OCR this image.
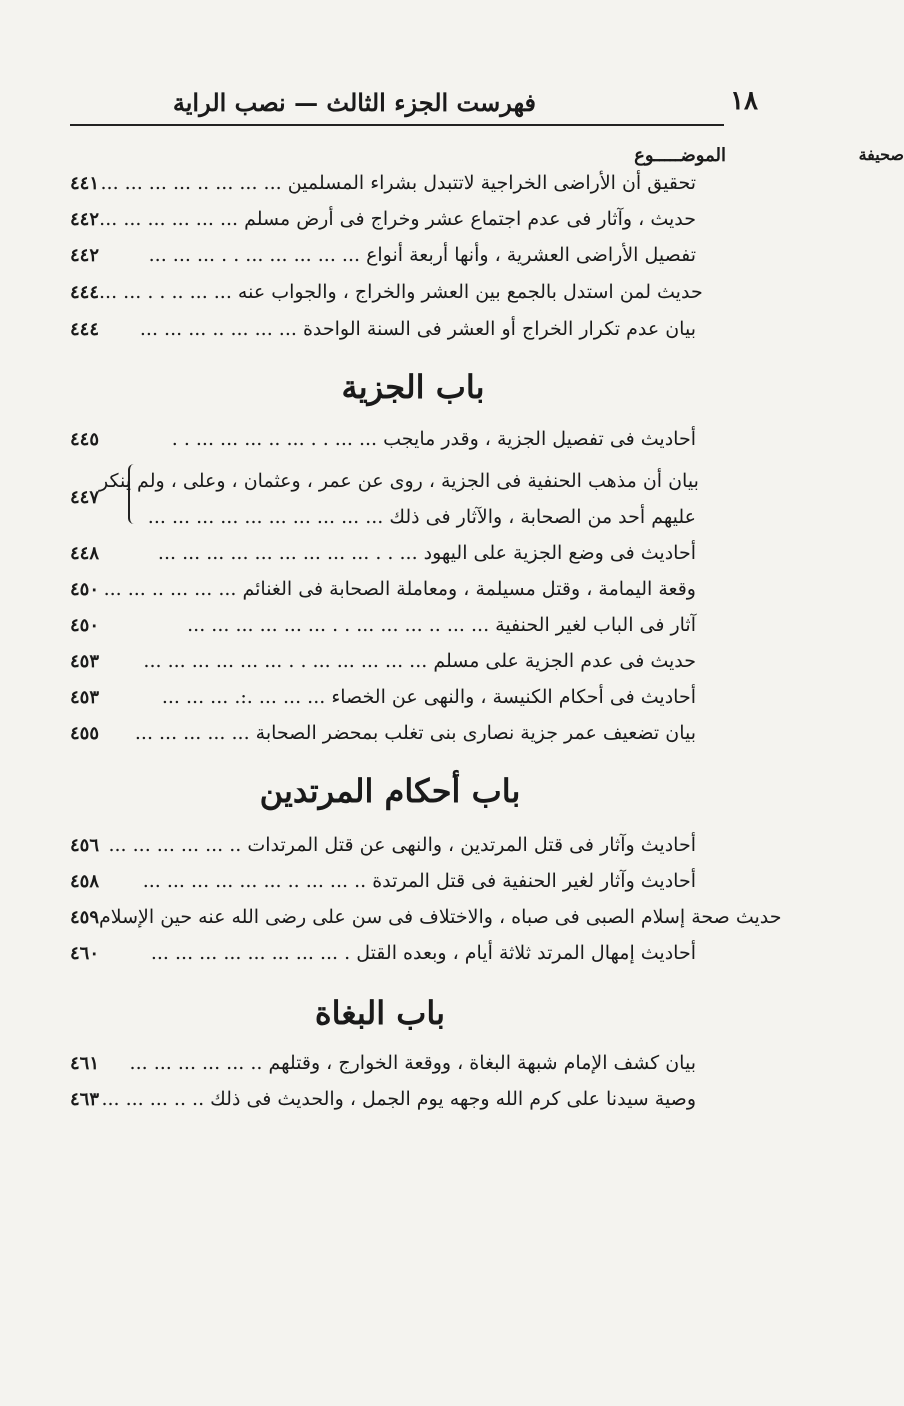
١٨
فهرست الجزء الثالث — نصب الراية
الموضـــــوع	صحيفة
٤٤١ تحقيق أن الأراضى الخراجية لاتتبدل بشراء المسلمين ... ... ... .. ... ... ... ...
٤٤٢ حديث ، وآثار فى عدم اجتماع عشر وخراج فى أرض مسلم ... ... ... ... ... ...
٤٤٢	تفصيل الأراضى العشرية ، وأنها أربعة أنواع ... ... ... ... ... . . ... ... ...
٤٤٤ حديث لمن استدل بالجمع بين العشر والخراج ، والجواب عنه ... ... .. . . ... ...
٤٤٤	بيان عدم تكرار الخراج أو العشر فى السنة الواحدة ... ... ... .. ... ... ...
باب الجزية
٤٤٥	أحاديث فى تفصيل الجزية ، وقدر مايجب ... ... . . ... .. ... ... ... . .
٤٤٧
بيان أن مذهب الحنفية فى الجزية ، روى عن عمر ، وعثمان ، وعلى ، ولم ينكر
عليهم أحد من الصحابة ، والآثار فى ذلك ... ... ... ... ... ... ... ... ... ...
٤٤٨	أحاديث فى وضع الجزية على اليهود ... . . ... ... ... ... ... ... ... ... ...
٤٥٠ وقعة اليمامة ، وقتل مسيلمة ، ومعاملة الصحابة فى الغنائم ... ... ... .. ... ...
٤٥٠	آثار فى الباب لغير الحنفية ... ... .. ... ... ... . . ... ... ... ... ... ...
٤٥٣	حديث فى عدم الجزية على مسلم ... ... ... ... ... . . ... ... ... ... ... ...
٤٥٣	أحاديث فى أحكام الكنيسة ، والنهى عن الخصاء ... ... ... .:. ... ... ...
٤٥٥	بيان تضعيف عمر جزية نصارى بنى تغلب بمحضر الصحابة ... ... ... ... ...
باب أحكام المرتدين
٤٥٦ أحاديث وآثار فى قتل المرتدين ، والنهى عن قتل المرتدات .. ... ... ... ... ...
٤٥٨	أحاديث وآثار لغير الحنفية فى قتل المرتدة .. ... ... .. ... ... ... ... ... ...
٤٥٩ حديث صحة إسلام الصبى فى صباه ، والاختلاف فى سن على رضى الله عنه حين الإسلام
٤٦٠	أحاديث إمهال المرتد ثلاثة أيام ، وبعده القتل . ... ... ... ... ... ... ... ...
باب البغاة
٤٦١	بيان كشف الإمام شبهة البغاة ، ووقعة الخوارج ، وقتلهم .. ... ... ... ... ...
٤٦٣ وصية سيدنا على كرم الله وجهه يوم الجمل ، والحديث فى ذلك .. .. ... ... ...
